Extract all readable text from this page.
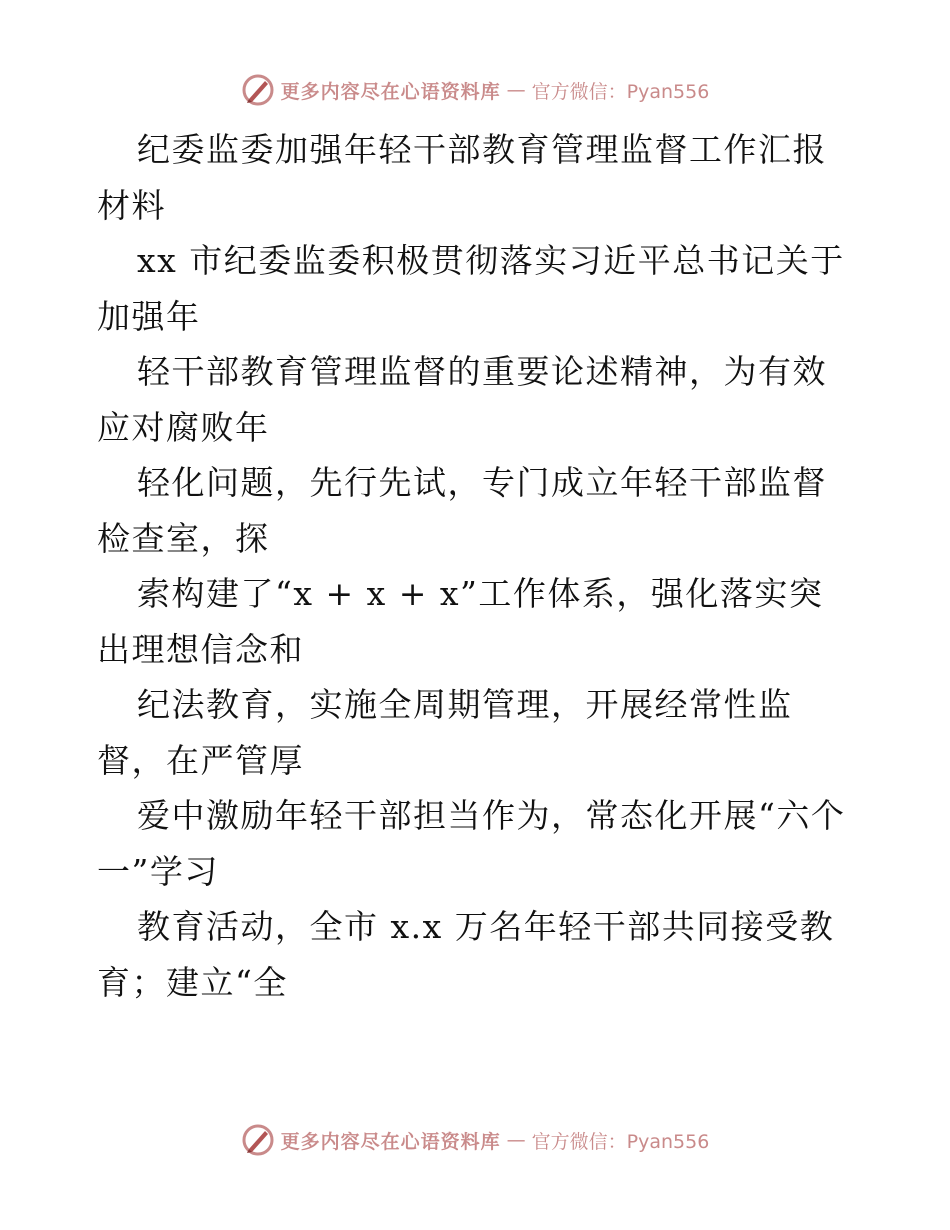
更多内容尽在心语资料库 — 官方微信：Pyan556

纪委监委加强年轻干部教育管理监督工作汇报材料

xx 市纪委监委积极贯彻落实习近平总书记关于加强年

轻干部教育管理监督的重要论述精神，为有效应对腐败年

轻化问题，先行先试，专门成立年轻干部监督检查室，探

索构建了“x + x + x”工作体系，强化落实突出理想信念和

纪法教育，实施全周期管理，开展经常性监督，在严管厚

爱中激励年轻干部担当作为，常态化开展“六个一”学习

教育活动，全市 x.x 万名年轻干部共同接受教育；建立“全

更多内容尽在心语资料库 — 官方微信：Pyan556
